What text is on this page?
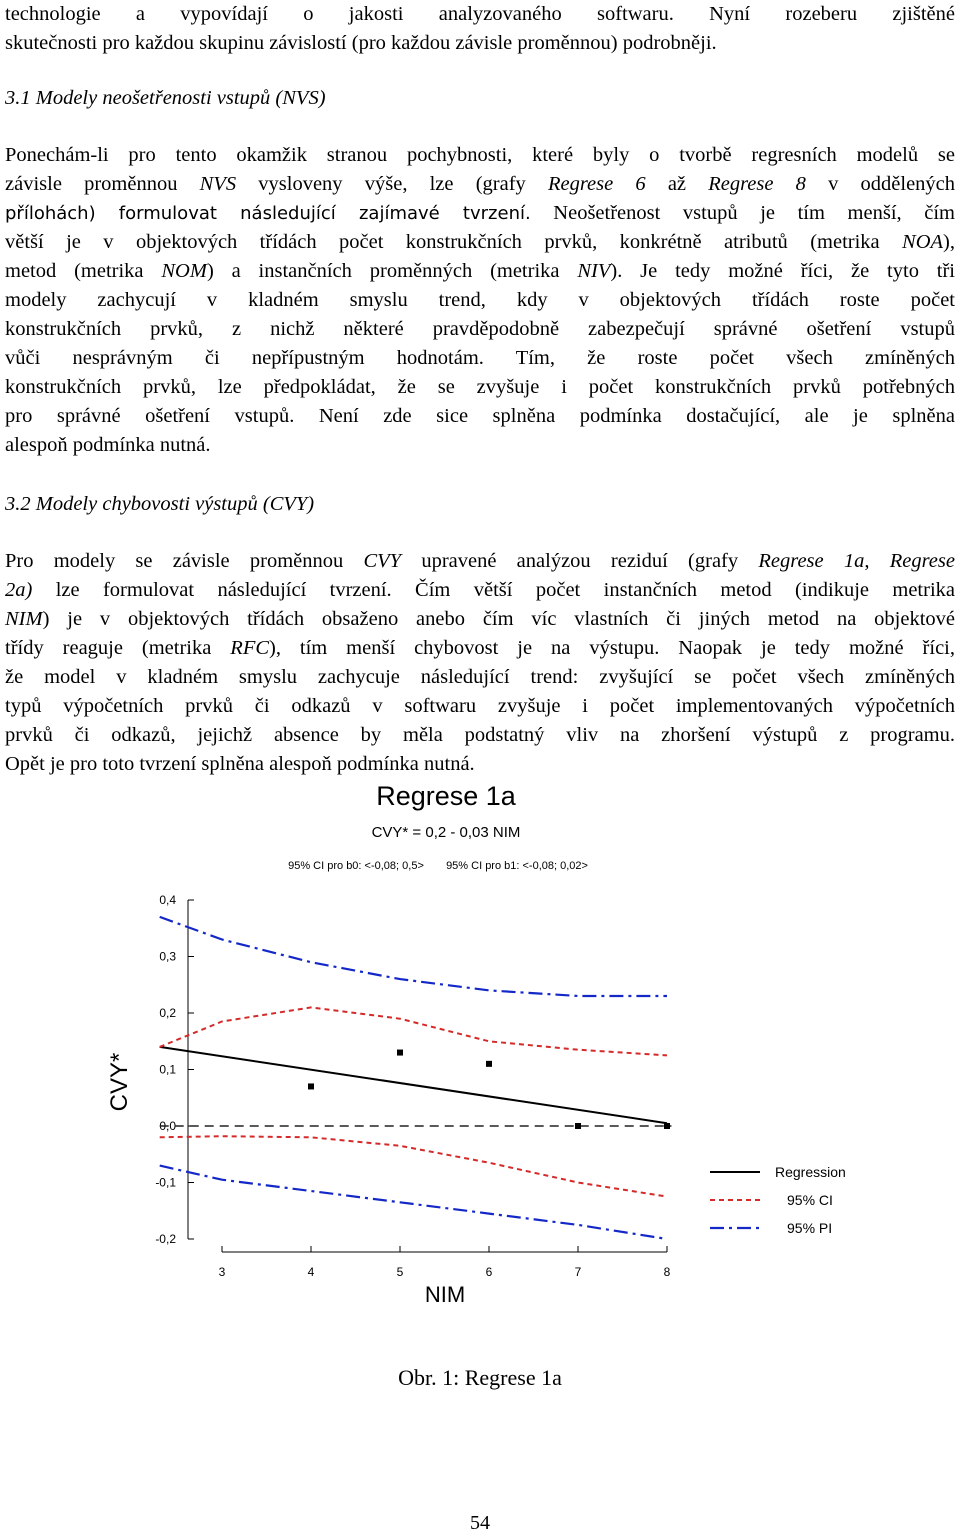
technologie a vypovídají o jakosti analyzovaného softwaru. Nyní rozeberu zjištěné
skutečnosti pro každou skupinu závislostí (pro každou závisle proměnnou) podrobněji.
3.1 Modely neošetřenosti vstupů (NVS)
Ponechám-li pro tento okamžik stranou pochybnosti, které byly o tvorbě regresních modelů se
závisle proměnnou NVS vysloveny výše, lze (grafy Regrese 6 až Regrese 8 v oddělených
přílohách) formulovat následující zajímavé tvrzení. Neošetřenost vstupů je tím menší, čím
větší je v objektových třídách počet konstrukčních prvků, konkrétně atributů (metrika NOA),
metod (metrika NOM) a instančních proměnných (metrika NIV). Je tedy možné říci, že tyto tři
modely zachycují v kladném smyslu trend, kdy v objektových třídách roste počet
konstrukčních prvků, z nichž některé pravděpodobně zabezpečují správné ošetření vstupů
vůči nesprávným či nepřípustným hodnotám. Tím, že roste počet všech zmíněných
konstrukčních prvků, lze předpokládat, že se zvyšuje i počet konstrukčních prvků potřebných
pro správné ošetření vstupů. Není zde sice splněna podmínka dostačující, ale je splněna
alespoň podmínka nutná.
3.2 Modely chybovosti výstupů (CVY)
Pro modely se závisle proměnnou CVY upravené analýzou reziduí (grafy Regrese 1a, Regrese
2a) lze formulovat následující tvrzení. Čím větší počet instančních metod (indikuje metrika
NIM) je v objektových třídách obsaženo anebo čím víc vlastních či jiných metod na objektové
třídy reaguje (metrika RFC), tím menší chybovost je na výstupu. Naopak je tedy možné říci,
že model v kladném smyslu zachycuje následující trend: zvyšující se počet všech zmíněných
typů výpočetních prvků či odkazů v softwaru zvyšuje i počet implementovaných výpočetních
prvků či odkazů, jejichž absence by měla podstatný vliv na zhoršení výstupů z programu.
Opět je pro toto tvrzení splněna alespoň podmínka nutná.
Regrese 1a
CVY* = 0,2 - 0,03 NIM
95% CI pro b0: <-0,08; 0,5> 95% CI pro b1: <-0,08; 0,02>
CVY*
NIM
0,4
0,3
0,2
0,1
0,0
-0,1
-0,2
3	4	5	6	7	8
Regression
95% CI
95% PI
Obr. 1: Regrese 1a
54
